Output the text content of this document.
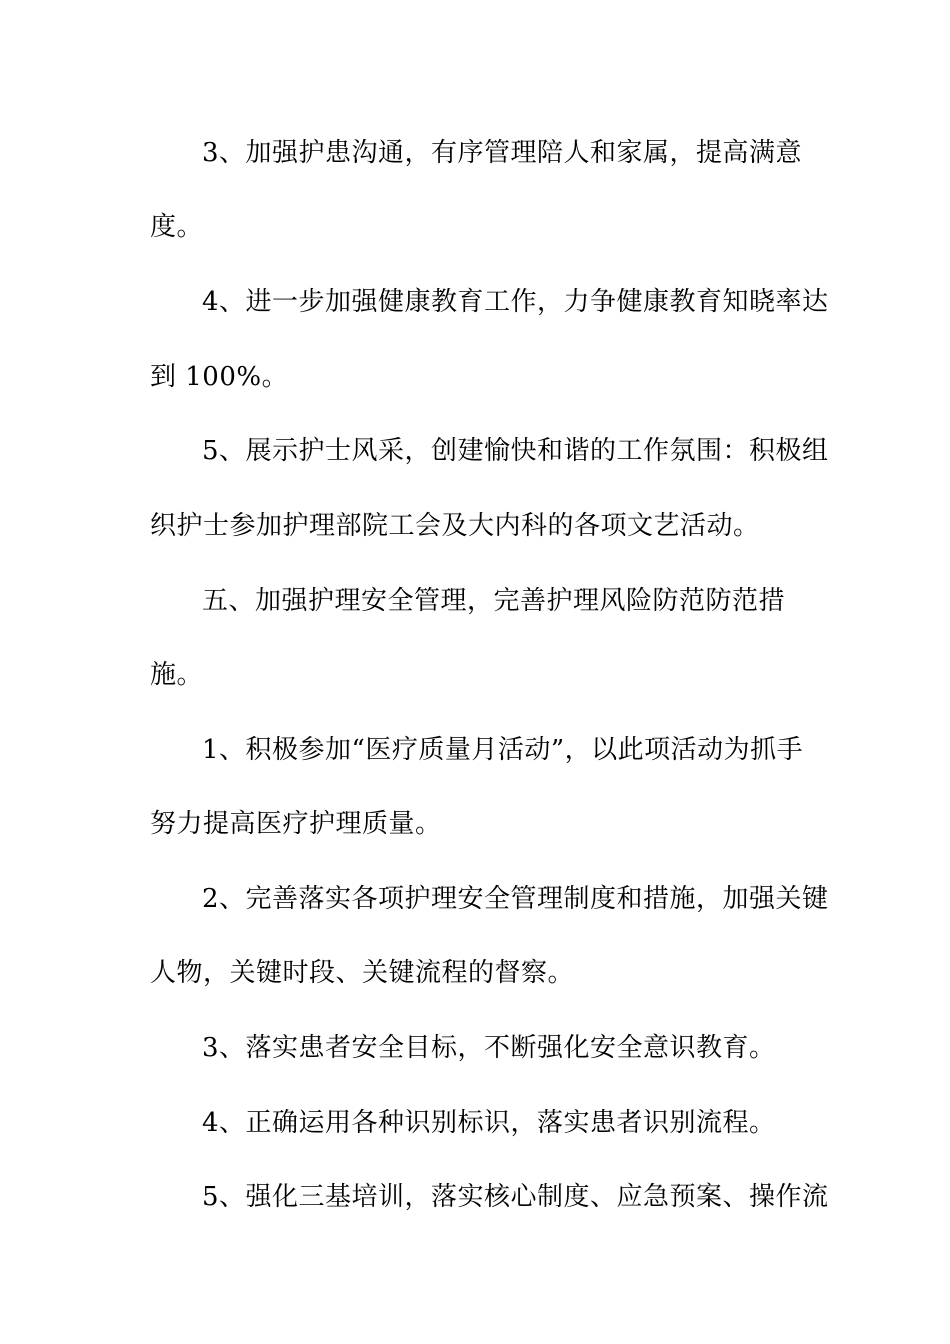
3、加强护患沟通，有序管理陪人和家属，提高满意
度。
4、进一步加强健康教育工作，力争健康教育知晓率达
到 100%。
5、展示护士风采，创建愉快和谐的工作氛围：积极组
织护士参加护理部院工会及大内科的各项文艺活动。
五、加强护理安全管理，完善护理风险防范防范措
施。
1、积极参加“医疗质量月活动”，以此项活动为抓手
努力提高医疗护理质量。
2、完善落实各项护理安全管理制度和措施，加强关键
人物，关键时段、关键流程的督察。
3、落实患者安全目标，不断强化安全意识教育。
4、正确运用各种识别标识，落实患者识别流程。
5、强化三基培训，落实核心制度、应急预案、操作流
